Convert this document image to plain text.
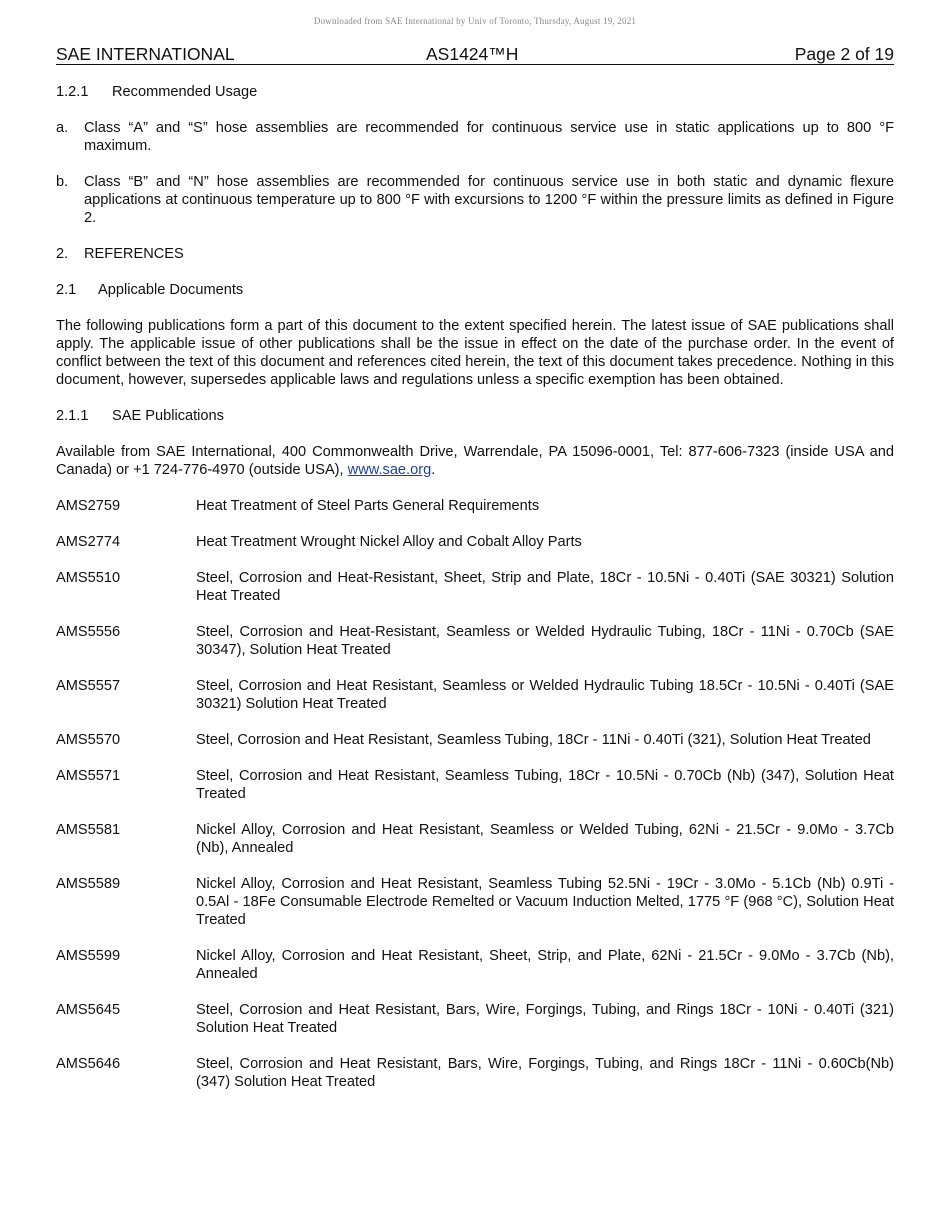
Downloaded from SAE International by Univ of Toronto, Thursday, August 19, 2021
SAE INTERNATIONAL	AS1424™H	Page 2 of 19
1.2.1 Recommended Usage
a.	Class “A” and “S” hose assemblies are recommended for continuous service use in static applications up to 800 °F maximum.
b.	Class “B” and “N” hose assemblies are recommended for continuous service use in both static and dynamic flexure applications at continuous temperature up to 800 °F with excursions to 1200 °F within the pressure limits as defined in Figure 2.
2. REFERENCES
2.1 Applicable Documents

The following publications form a part of this document to the extent specified herein. The latest issue of SAE publications shall apply. The applicable issue of other publications shall be the issue in effect on the date of the purchase order. In the event of conflict between the text of this document and references cited herein, the text of this document takes precedence. Nothing in this document, however, supersedes applicable laws and regulations unless a specific exemption has been obtained.

2.1.1 SAE Publications

Available from SAE International, 400 Commonwealth Drive, Warrendale, PA 15096-0001, Tel: 877-606-7323 (inside USA and Canada) or +1 724-776-4970 (outside USA), www.sae.org.

AMS2759	Heat Treatment of Steel Parts General Requirements
AMS2774	Heat Treatment Wrought Nickel Alloy and Cobalt Alloy Parts
AMS5510	Steel, Corrosion and Heat-Resistant, Sheet, Strip and Plate, 18Cr - 10.5Ni - 0.40Ti (SAE 30321) Solution Heat Treated
AMS5556	Steel, Corrosion and Heat-Resistant, Seamless or Welded Hydraulic Tubing, 18Cr - 11Ni - 0.70Cb (SAE 30347), Solution Heat Treated
AMS5557	Steel, Corrosion and Heat Resistant, Seamless or Welded Hydraulic Tubing 18.5Cr - 10.5Ni - 0.40Ti (SAE 30321) Solution Heat Treated
AMS5570	Steel, Corrosion and Heat Resistant, Seamless Tubing, 18Cr - 11Ni - 0.40Ti (321), Solution Heat Treated
AMS5571	Steel, Corrosion and Heat Resistant, Seamless Tubing, 18Cr - 10.5Ni - 0.70Cb (Nb) (347), Solution Heat Treated
AMS5581	Nickel Alloy, Corrosion and Heat Resistant, Seamless or Welded Tubing, 62Ni - 21.5Cr - 9.0Mo - 3.7Cb (Nb), Annealed
AMS5589	Nickel Alloy, Corrosion and Heat Resistant, Seamless Tubing 52.5Ni - 19Cr - 3.0Mo - 5.1Cb (Nb) 0.9Ti - 0.5Al - 18Fe Consumable Electrode Remelted or Vacuum Induction Melted, 1775 °F (968 °C), Solution Heat Treated
AMS5599	Nickel Alloy, Corrosion and Heat Resistant, Sheet, Strip, and Plate, 62Ni - 21.5Cr - 9.0Mo - 3.7Cb (Nb), Annealed
AMS5645	Steel, Corrosion and Heat Resistant, Bars, Wire, Forgings, Tubing, and Rings 18Cr - 10Ni - 0.40Ti (321) Solution Heat Treated
AMS5646	Steel, Corrosion and Heat Resistant, Bars, Wire, Forgings, Tubing, and Rings 18Cr - 11Ni - 0.60Cb(Nb) (347) Solution Heat Treated
